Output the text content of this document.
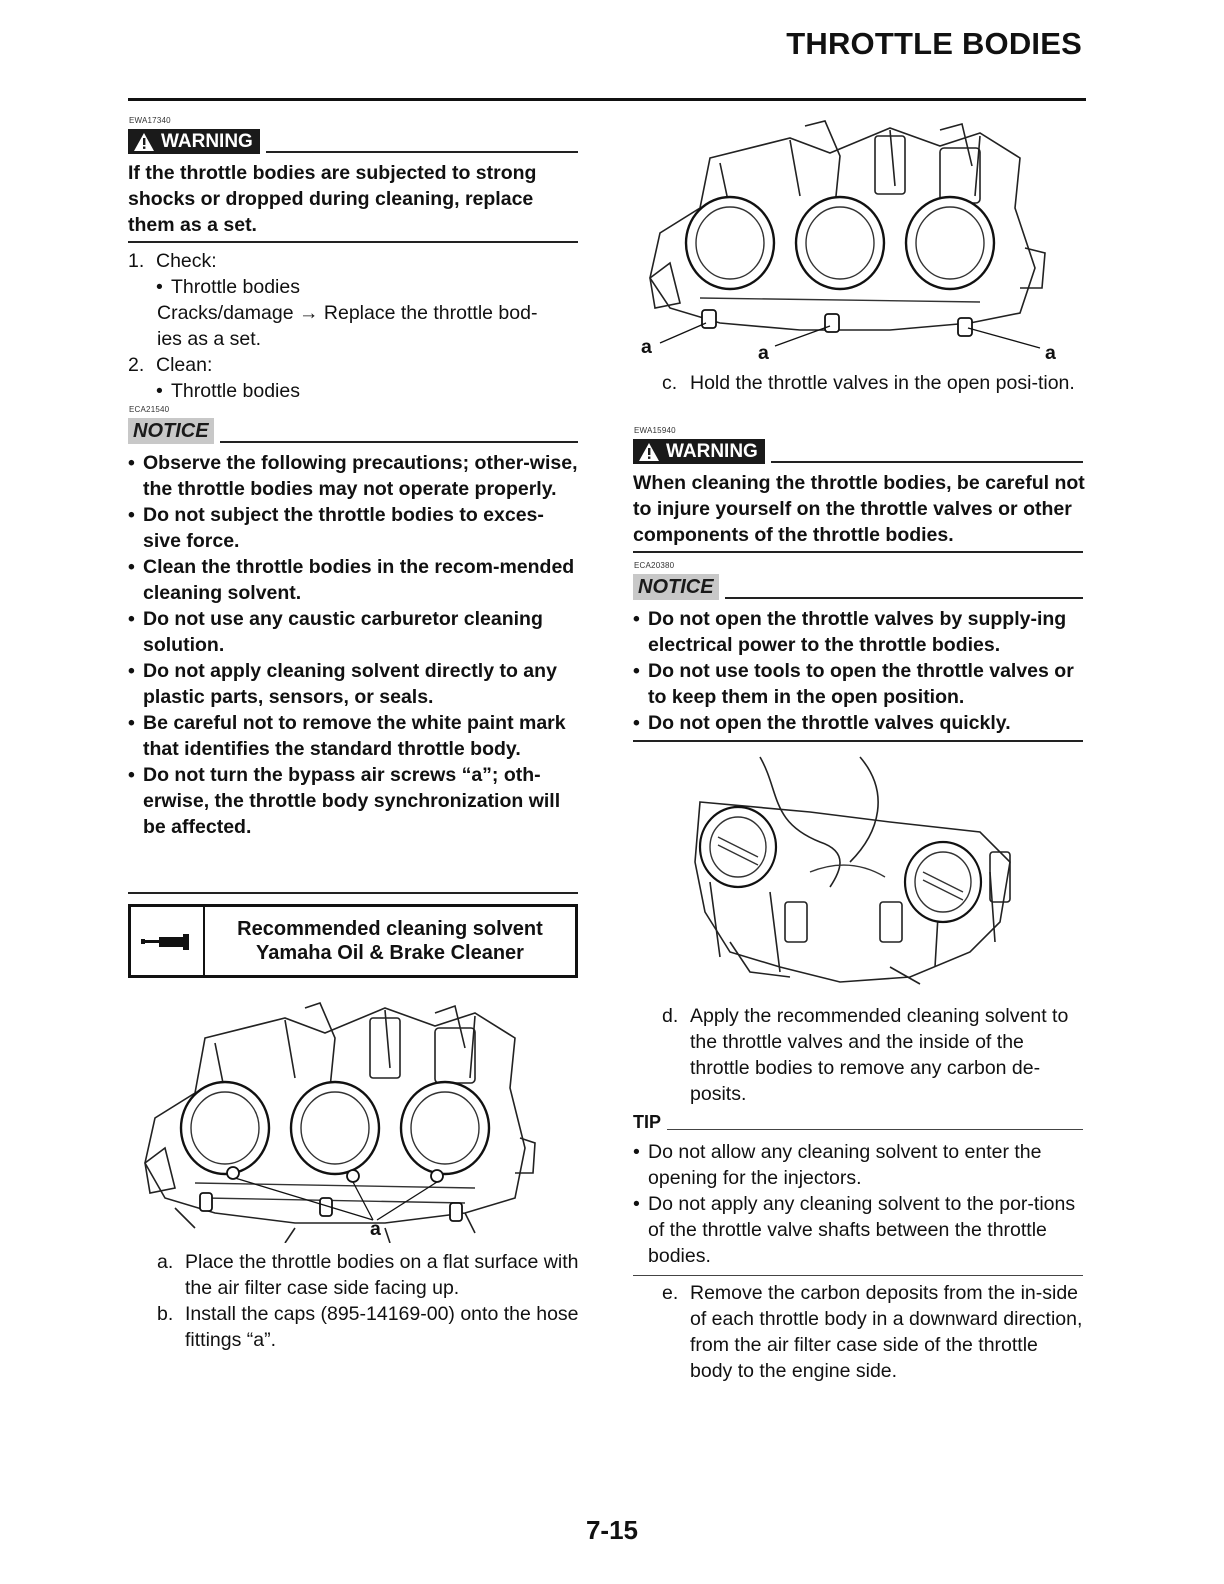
THROTTLE BODIES
EWA17340
WARNING
If the throttle bodies are subjected to strong shocks or dropped during cleaning, replace them as a set.
1. Check:
• Throttle bodies
Cracks/damage → Replace the throttle bod-
ies as a set.
2. Clean:
• Throttle bodies
ECA21540
NOTICE
• Observe the following precautions; other-wise, the throttle bodies may not operate properly.
• Do not subject the throttle bodies to exces-sive force.
• Clean the throttle bodies in the recom-mended cleaning solvent.
• Do not use any caustic carburetor cleaning solution.
• Do not apply cleaning solvent directly to any plastic parts, sensors, or seals.
• Be careful not to remove the white paint mark that identifies the standard throttle body.
• Do not turn the bypass air screws “a”; oth-erwise, the throttle body synchronization will be affected.
Recommended cleaning solvent
Yamaha Oil & Brake Cleaner
a
a. Place the throttle bodies on a flat surface with the air filter case side facing up.
b. Install the caps (895-14169-00) onto the hose fittings “a”.
a	a	a
c. Hold the throttle valves in the open posi-tion.
EWA15940
WARNING
When cleaning the throttle bodies, be careful not to injure yourself on the throttle valves or other components of the throttle bodies.
ECA20380
NOTICE
• Do not open the throttle valves by supply-ing electrical power to the throttle bodies.
• Do not use tools to open the throttle valves or to keep them in the open position.
• Do not open the throttle valves quickly.
d. Apply the recommended cleaning solvent to the throttle valves and the inside of the throttle bodies to remove any carbon de-posits.
TIP
• Do not allow any cleaning solvent to enter the opening for the injectors.
• Do not apply any cleaning solvent to the por-tions of the throttle valve shafts between the throttle bodies.
e. Remove the carbon deposits from the in-side of each throttle body in a downward direction, from the air filter case side of the throttle body to the engine side.
7-15
